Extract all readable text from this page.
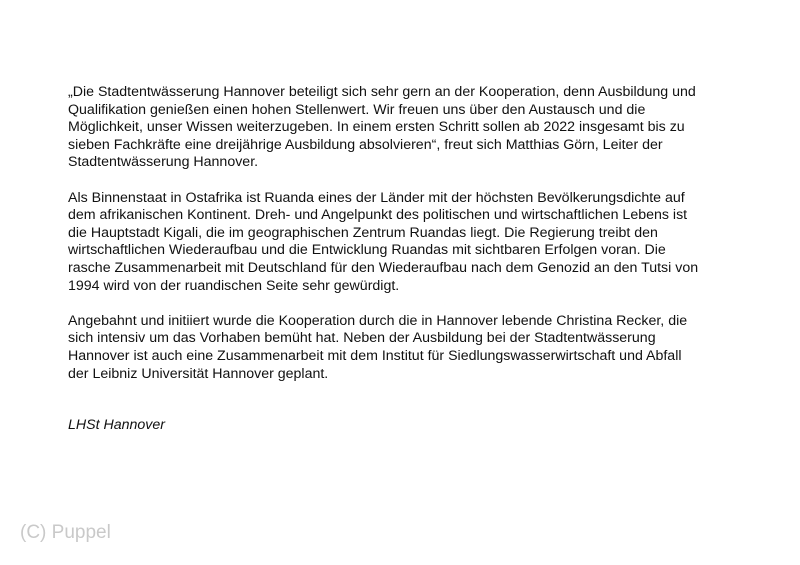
„Die Stadtentwässerung Hannover beteiligt sich sehr gern an der Kooperation, denn Ausbildung und
Qualifikation genießen einen hohen Stellenwert. Wir freuen uns über den Austausch und die
Möglichkeit, unser Wissen weiterzugeben. In einem ersten Schritt sollen ab 2022 insgesamt bis zu
sieben Fachkräfte eine dreijährige Ausbildung absolvieren“, freut sich Matthias Görn, Leiter der
Stadtentwässerung Hannover.

Als Binnenstaat in Ostafrika ist Ruanda eines der Länder mit der höchsten Bevölkerungsdichte auf
dem afrikanischen Kontinent. Dreh- und Angelpunkt des politischen und wirtschaftlichen Lebens ist
die Hauptstadt Kigali, die im geographischen Zentrum Ruandas liegt. Die Regierung treibt den
wirtschaftlichen Wiederaufbau und die Entwicklung Ruandas mit sichtbaren Erfolgen voran. Die
rasche Zusammenarbeit mit Deutschland für den Wiederaufbau nach dem Genozid an den Tutsi von
1994 wird von der ruandischen Seite sehr gewürdigt.

Angebahnt und initiiert wurde die Kooperation durch die in Hannover lebende Christina Recker, die
sich intensiv um das Vorhaben bemüht hat. Neben der Ausbildung bei der Stadtentwässerung
Hannover ist auch eine Zusammenarbeit mit dem Institut für Siedlungswasserwirtschaft und Abfall
der Leibniz Universität Hannover geplant.

LHSt Hannover

(C) Puppel
